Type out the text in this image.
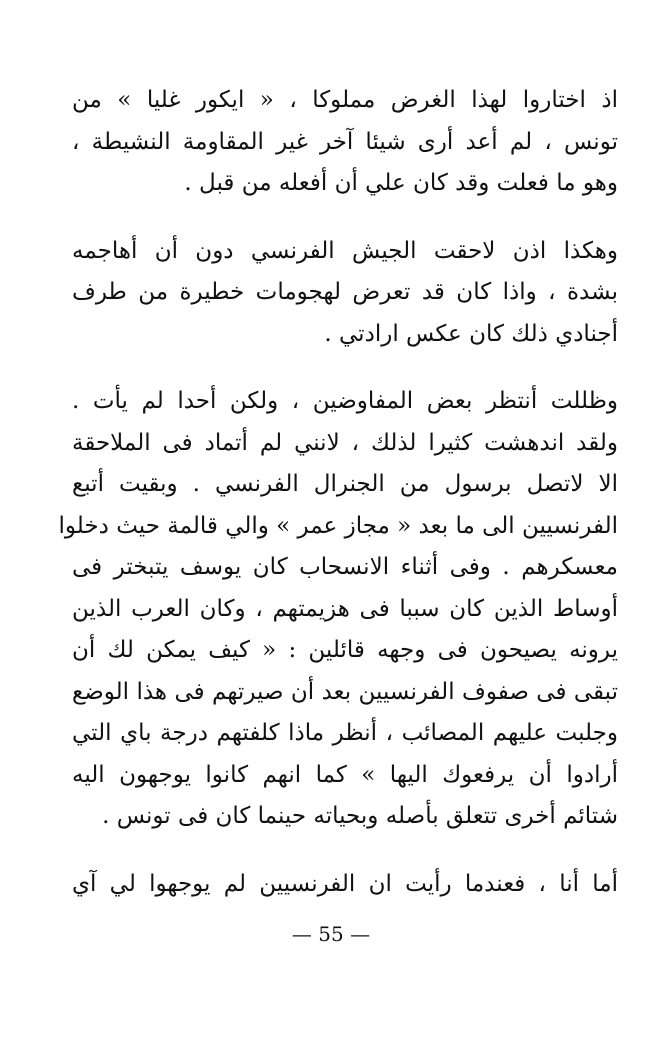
اذ اختاروا لهذا الغرض مملوكا ، « ايكور غليا » من
تونس ، لم أعد أرى شيئا آخر غير المقاومة النشيطة ،
وهو ما فعلت وقد كان علي أن أفعله من قبل .
وهكذا اذن لاحقت الجيش الفرنسي دون أن أهاجمه
بشدة ، واذا كان قد تعرض لهجومات خطيرة من طرف
أجنادي ذلك كان عكس ارادتي .
وظللت أنتظر بعض المفاوضين ، ولكن أحدا لم يأت .
ولقد اندهشت كثيرا لذلك ، لانني لم أتماد فى الملاحقة
الا لاتصل برسول من الجنرال الفرنسي . وبقيت أتبع
الفرنسيين الى ما بعد « مجاز عمر » والي قالمة حيث دخلوا
معسكرهم . وفى أثناء الانسحاب كان يوسف يتبختر فى
أوساط الذين كان سببا فى هزيمتهم ، وكان العرب الذين
يرونه يصيحون فى وجهه قائلين : « كيف يمكن لك أن
تبقى فى صفوف الفرنسيين بعد أن صيرتهم فى هذا الوضع
وجلبت عليهم المصائب ، أنظر ماذا كلفتهم درجة باي التي
أرادوا أن يرفعوك اليها » كما انهم كانوا يوجهون اليه
شتائم أخرى تتعلق بأصله وبحياته حينما كان فى تونس .
أما أنا ، فعندما رأيت ان الفرنسيين لم يوجهوا لي آي
— 55 —
